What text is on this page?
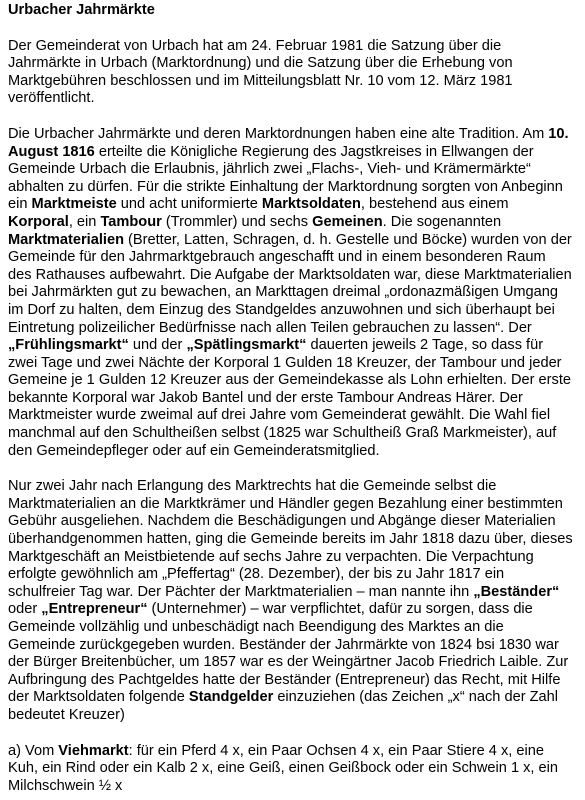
Urbacher Jahrmärkte

Der Gemeinderat von Urbach hat am 24. Februar 1981 die Satzung über die Jahrmärkte in Urbach (Marktordnung) und die Satzung über die Erhebung von Marktgebühren beschlossen und im Mitteilungsblatt Nr. 10 vom 12. März 1981 veröffentlicht.

Die Urbacher Jahrmärkte und deren Marktordnungen haben eine alte Tradition. Am 10. August 1816 erteilte die Königliche Regierung des Jagstkreises in Ellwangen der Gemeinde Urbach die Erlaubnis, jährlich zwei „Flachs-, Vieh- und Krämermärkte“ abhalten zu dürfen. Für die strikte Einhaltung der Marktordnung sorgten von Anbeginn ein Marktmeiste und acht uniformierte Marktsoldaten, bestehend aus einem Korporal, ein Tambour (Trommler) und sechs Gemeinen. Die sogenannten Marktmaterialien (Bretter, Latten, Schragen, d. h. Gestelle und Böcke) wurden von der Gemeinde für den Jahrmarktgebrauch angeschafft und in einem besonderen Raum des Rathauses aufbewahrt. Die Aufgabe der Marktsoldaten war, diese Marktmaterialien bei Jahrmärkten gut zu bewachen, an Markttagen dreimal „ordonazmäßigen Umgang im Dorf zu halten, dem Einzug des Standgeldes anzuwohnen und sich überhaupt bei Eintretung polizeilicher Bedürfnisse nach allen Teilen gebrauchen zu lassen“. Der „Frühlingsmarkt“ und der „Spätlingsmarkt“ dauerten jeweils 2 Tage, so dass für zwei Tage und zwei Nächte der Korporal 1 Gulden 18 Kreuzer, der Tambour und jeder Gemeine je 1 Gulden 12 Kreuzer aus der Gemeindekasse als Lohn erhielten. Der erste bekannte Korporal war Jakob Bantel und der erste Tambour Andreas Härer. Der Marktmeister wurde zweimal auf drei Jahre vom Gemeinderat gewählt. Die Wahl fiel manchmal auf den Schultheißen selbst (1825 war Schultheiß Graß Markmeister), auf den Gemeindepfleger oder auf ein Gemeinderatsmitglied.

Nur zwei Jahr nach Erlangung des Marktrechts hat die Gemeinde selbst die Marktmaterialien an die Marktkrämer und Händler gegen Bezahlung einer bestimmten Gebühr ausgeliehen. Nachdem die Beschädigungen und Abgänge dieser Materialien überhandgenommen hatten, ging die Gemeinde bereits im Jahr 1818 dazu über, dieses Marktgeschäft an Meistbietende auf sechs Jahre zu verpachten. Die Verpachtung erfolgte gewöhnlich am „Pfeffertag“ (28. Dezember), der bis zu Jahr 1817 ein schulfreier Tag war. Der Pächter der Marktmaterialien – man nannte ihn „Beständer“ oder „Entrepreneur“ (Unternehmer) – war verpflichtet, dafür zu sorgen, dass die Gemeinde vollzählig und unbeschädigt nach Beendigung des Marktes an die Gemeinde zurückgegeben wurden. Beständer der Jahrmärkte von 1824 bsi 1830 war der Bürger Breitenbücher, um 1857 war es der Weingärtner Jacob Friedrich Laible. Zur Aufbringung des Pachtgeldes hatte der Beständer (Entrepreneur) das Recht, mit Hilfe der Marktsoldaten folgende Standgelder einzuziehen (das Zeichen „x“ nach der Zahl bedeutet Kreuzer)

a) Vom Viehmarkt: für ein Pferd 4 x, ein Paar Ochsen 4 x, ein Paar Stiere 4 x, eine Kuh, ein Rind oder ein Kalb 2 x, eine Geiß, einen Geißbock oder ein Schwein 1 x, ein Milchschwein ½ x
